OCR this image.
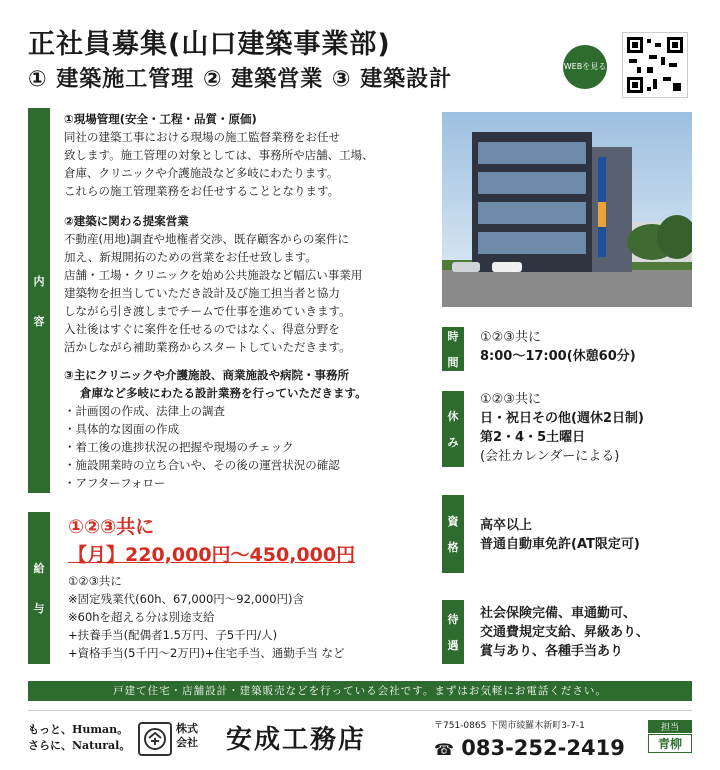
正社員募集(山口建築事業部)
① 建築施工管理 ② 建築営業 ③ 建築設計
WEBを見る
内
容
①現場管理(安全・工程・品質・原価)
同社の建築工事における現場の施工監督業務をお任せ
致します。施工管理の対象としては、事務所や店舗、工場、
倉庫、クリニックや介護施設など多岐にわたります。
これらの施工管理業務をお任せすることとなります。
②建築に関わる提案営業
不動産(用地)調査や地権者交渉、既存顧客からの案件に
加え、新規開拓のための営業をお任せ致します。
店舗・工場・クリニックを始め公共施設など幅広い事業用
建築物を担当していただき設計及び施工担当者と協力
しながら引き渡しまでチームで仕事を進めていきます。
入社後はすぐに案件を任せるのではなく、得意分野を
活かしながら補助業務からスタートしていただきます。
③主にクリニックや介護施設、商業施設や病院・事務所
倉庫など多岐にわたる設計業務を行っていただきます。
・計画図の作成、法律上の調査
・具体的な図面の作成
・着工後の進捗状況の把握や現場のチェック
・施設開業時の立ち合いや、その後の運営状況の確認
・アフターフォロー
時
間
①②③共に
8:00〜17:00(休憩60分)
休
み
①②③共に
日・祝日その他(週休2日制)
第2・4・5土曜日
(会社カレンダーによる)
資
格
高卒以上
普通自動車免許(AT限定可)
待
遇
社会保険完備、車通勤可、
交通費規定支給、昇級あり、
賞与あり、各種手当あり
給
与
①②③共に
【月】220,000円〜450,000円
①②③共に
※固定残業代(60h、67,000円〜92,000円)含
※60hを超える分は別途支給
+扶養手当(配偶者1.5万円、子5千円/人)
+資格手当(5千円〜2万円)+住宅手当、通勤手当 など
戸建て住宅・店舗設計・建築販売などを行っている会社です。まずはお気軽にお電話ください。
もっと、Human。
さらに、Natural。
株式
会社 安成工務店	〒751-0865 下関市綾羅木新町3-7-1
☎ 083-252-2419
担当
青柳
